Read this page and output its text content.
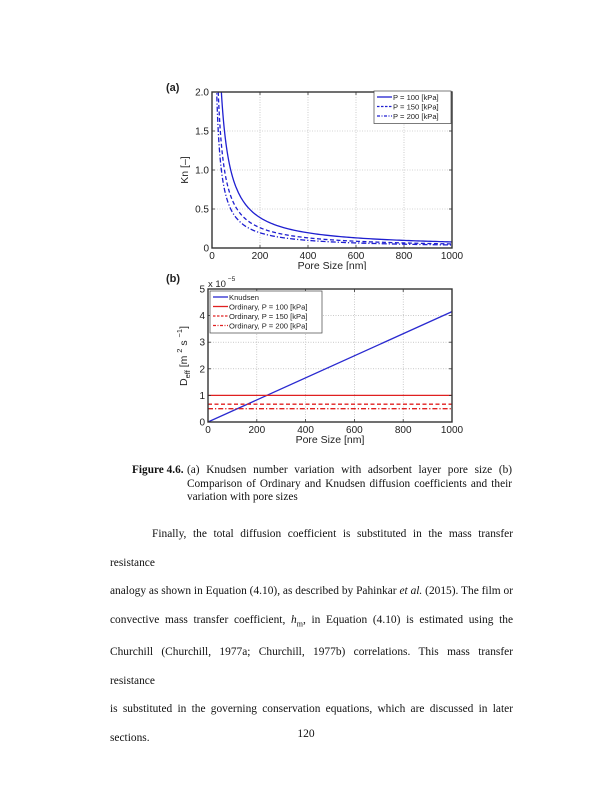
0	200	400	600	800	1000
0
0.5
1.0
1.5
2.0
Pore Size [nm]
P = 100 [kPa]
P = 150 [kPa]
P = 200 [kPa]
(a)
Kn [–]
0	200	400	600	800	1000
0
1
2
3
4
5
Pore Size [nm]
Knudsen
Ordinary, P = 100 [kPa]
Ordinary, P = 150 [kPa]
Ordinary, P = 200 [kPa]
(b)	x 10 $^{-5}$
$D_{eff}$ [m $^2$ s $^{-1}$]
Figure 4.6. (a) Knudsen number variation with adsorbent layer pore size (b)
Comparison of Ordinary and Knudsen diffusion coefficients and their
variation with pore sizes
Finally, the total diffusion coefficient is substituted in the mass transfer resistance
analogy as shown in Equation (4.10), as described by Pahinkar et al. (2015). The film or
convective mass transfer coefficient, $h_m$, in Equation (4.10) is estimated using the
Churchill (Churchill, 1977a; Churchill, 1977b) correlations. This mass transfer resistance
is substituted in the governing conservation equations, which are discussed in later
sections.	120
